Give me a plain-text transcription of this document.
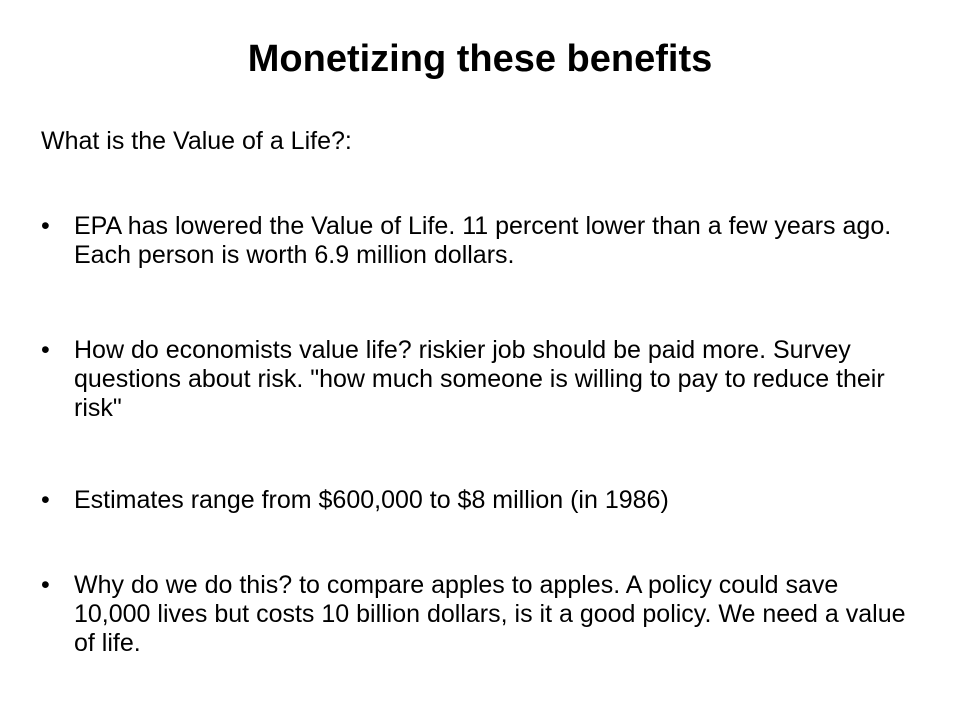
Monetizing these benefits

What is the Value of a Life?:

• EPA has lowered the Value of Life. 11 percent lower than a few years ago. Each person is worth 6.9 million dollars.
• How do economists value life? riskier job should be paid more. Survey questions about risk. "how much someone is willing to pay to reduce their risk"
• Estimates range from $600,000 to $8 million (in 1986)
• Why do we do this? to compare apples to apples. A policy could save 10,000 lives but costs 10 billion dollars, is it a good policy. We need a value of life.
